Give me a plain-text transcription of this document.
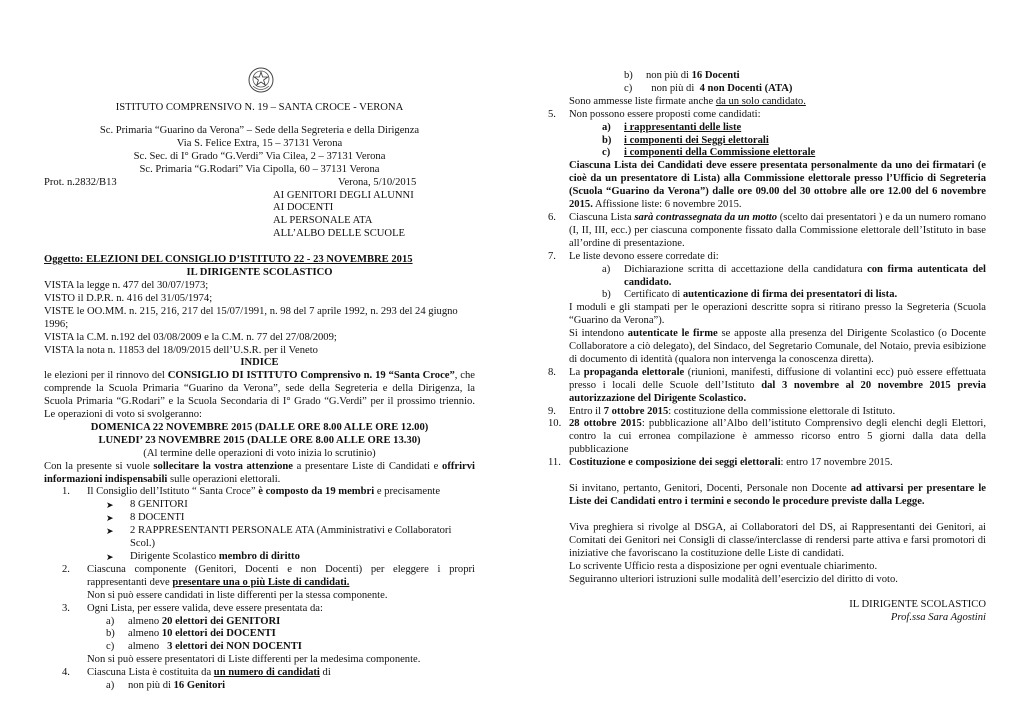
ISTITUTO COMPRENSIVO N. 19 – SANTA CROCE - VERONA
Sc. Primaria “Guarino da Verona” – Sede della Segreteria e della Dirigenza
Via S. Felice Extra, 15 – 37131 Verona
Sc. Sec. di I° Grado “G.Verdi” Via Cilea, 2 – 37131 Verona
Sc. Primaria “G.Rodari” Via Cipolla, 60 – 37131 Verona
Prot. n.2832/B13	Verona, 5/10/2015
AI GENITORI DEGLI ALUNNI
AI DOCENTI
AL PERSONALE ATA
ALL’ALBO DELLE SCUOLE
Oggetto: ELEZIONI DEL CONSIGLIO D’ISTITUTO 22 - 23 NOVEMBRE 2015
IL DIRIGENTE SCOLASTICO
VISTA la legge n. 477 del 30/07/1973;
VISTO il D.P.R. n. 416 del 31/05/1974;
VISTE le OO.MM. n. 215, 216, 217 del 15/07/1991, n. 98 del 7 aprile 1992, n. 293 del 24 giugno 1996;
VISTA la C.M. n.192 del 03/08/2009 e la C.M. n. 77 del 27/08/2009;
VISTA la nota n. 11853 del 18/09/2015 dell’U.S.R. per il Veneto
INDICE
le elezioni per il rinnovo del CONSIGLIO DI ISTITUTO Comprensivo n. 19 “Santa Croce”, che comprende la Scuola Primaria “Guarino da Verona”, sede della Segreteria e della Dirigenza, la Scuola Primaria “G.Rodari” e la Scuola Secondaria di I° Grado “G.Verdi” per il prossimo triennio. Le operazioni di voto si svolgeranno:
DOMENICA 22 NOVEMBRE 2015 (DALLE ORE 8.00 ALLE ORE 12.00)
LUNEDI’ 23 NOVEMBRE 2015 (DALLE ORE 8.00 ALLE ORE 13.30)
(Al termine delle operazioni di voto inizia lo scrutinio)
Con la presente si vuole sollecitare la vostra attenzione a presentare Liste di Candidati e offrirvi informazioni indispensabili sulle operazioni elettorali.
1.	Il Consiglio dell’Istituto “ Santa Croce” è composto da 19 membri e precisamente
➤	8 GENITORI
➤	8 DOCENTI
➤	2 RAPPRESENTANTI PERSONALE ATA (Amministrativi e Collaboratori Scol.)
➤	Dirigente Scolastico membro di diritto
2.	Ciascuna componente (Genitori, Docenti e non Docenti) per eleggere i propri rappresentanti deve presentare una o più Liste di candidati.
Non si può essere candidati in liste differenti per la stessa componente.
3.	Ogni Lista, per essere valida, deve essere presentata da:
a)	almeno 20 elettori dei GENITORI
b)	almeno 10 elettori dei DOCENTI
c)	almeno   3 elettori dei NON DOCENTI
Non si può essere presentatori di Liste differenti per la medesima componente.
4.	Ciascuna Lista è costituita da un numero di candidati di
a)	non più di 16 Genitori
b)	non più di 16 Docenti
c)	non più di  4 non Docenti (ATA)
Sono ammesse liste firmate anche da un solo candidato.
5.	Non possono essere proposti come candidati:
a)	i rappresentanti delle liste
b)	i componenti dei Seggi elettorali
c)	i componenti della Commissione elettorale
Ciascuna Lista dei Candidati deve essere presentata personalmente da uno dei firmatari (e cioè da un presentatore di Lista) alla Commissione elettorale presso l’Ufficio di Segreteria (Scuola “Guarino da Verona”) dalle ore 09.00 del 30 ottobre alle ore 12.00 del 6 novembre 2015. Affissione liste: 6 novembre 2015.
6.	Ciascuna Lista sarà contrassegnata da un motto (scelto dai presentatori ) e da un numero romano (I, II, III, ecc.) per ciascuna componente fissato dalla Commissione elettorale dell’Istituto in base all’ordine di presentazione.
7.	Le liste devono essere corredate di:
a)	Dichiarazione scritta di accettazione della candidatura con firma autenticata del candidato.
b)	Certificato di autenticazione di firma dei presentatori di lista.
I moduli e gli stampati per le operazioni descritte sopra si ritirano presso la Segreteria (Scuola “Guarino da Verona”).
Si intendono autenticate le firme se apposte alla presenza del Dirigente Scolastico (o Docente Collaboratore a ciò delegato), del Sindaco, del Segretario Comunale, del Notaio, previa esibizione di documento di identità (qualora non intervenga la conoscenza diretta).
8.	La propaganda elettorale (riunioni, manifesti, diffusione di volantini ecc) può essere effettuata presso i locali delle Scuole dell’Istituto dal 3 novembre al 20 novembre 2015 previa autorizzazione del Dirigente Scolastico.
9.	Entro il 7 ottobre 2015: costituzione della commissione elettorale di Istituto.
10. 28 ottobre 2015: pubblicazione all’Albo dell’istituto Comprensivo degli elenchi degli Elettori, contro la cui erronea compilazione è ammesso ricorso entro 5 giorni dalla data della pubblicazione
11. Costituzione e composizione dei seggi elettorali: entro 17 novembre 2015.
Si invitano, pertanto, Genitori, Docenti, Personale non Docente ad attivarsi per presentare le Liste dei Candidati entro i termini e secondo le procedure previste dalla Legge.
Viva preghiera si rivolge al DSGA, ai Collaboratori del DS, ai Rappresentanti dei Genitori, ai Comitati dei Genitori nei Consigli di classe/interclasse di rendersi parte attiva e farsi promotori di iniziative che favoriscano la costituzione delle Liste di candidati.
Lo scrivente Ufficio resta a disposizione per ogni eventuale chiarimento.
Seguiranno ulteriori istruzioni sulle modalità dell’esercizio del diritto di voto.
IL DIRIGENTE SCOLASTICO
Prof.ssa Sara Agostini
